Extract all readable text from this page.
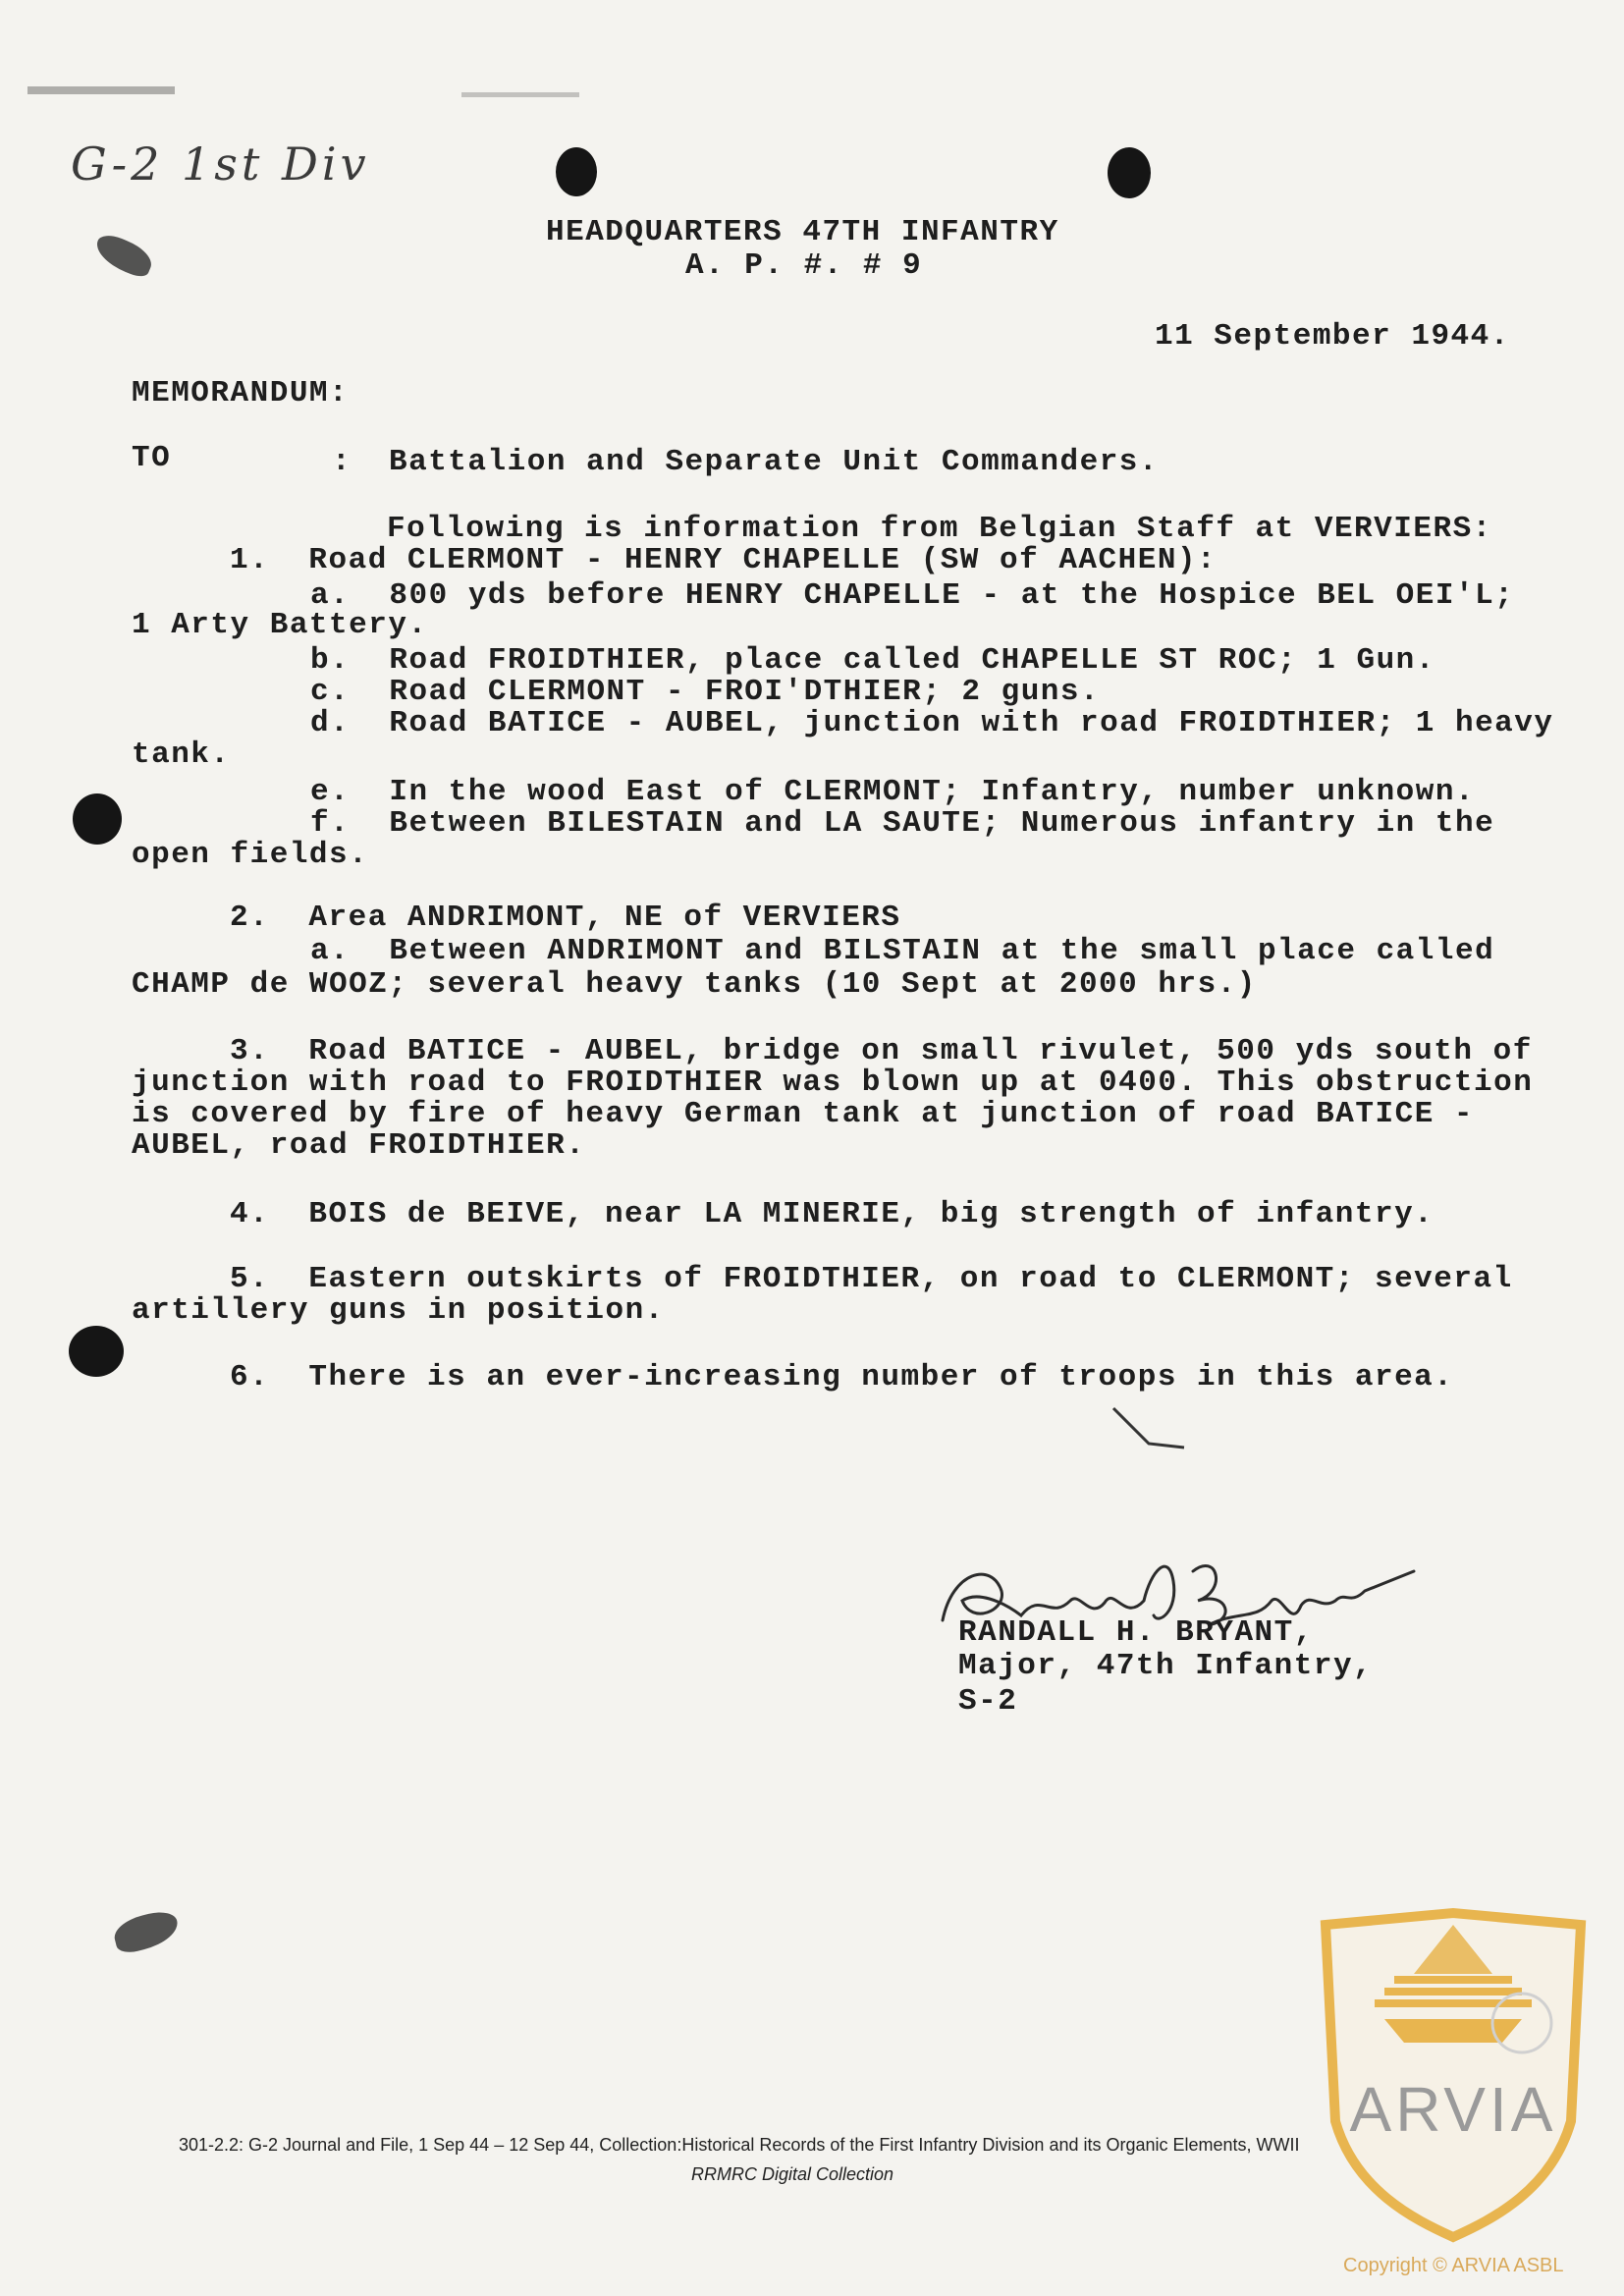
G-2 1st Div
HEADQUARTERS 47TH INFANTRY
A. P. #. # 9
11 September 1944.
MEMORANDUM:
TO	: Battalion and Separate Unit Commanders.
Following is information from Belgian Staff at VERVIERS:
1.  Road CLERMONT - HENRY CHAPELLE (SW of AACHEN):
a.  800 yds before HENRY CHAPELLE - at the Hospice BEL OEI'L;
1 Arty Battery.
b.  Road FROIDTHIER, place called CHAPELLE ST ROC; 1 Gun.
c.  Road CLERMONT - FROI'DTHIER; 2 guns.
d.  Road BATICE - AUBEL, junction with road FROIDTHIER; 1 heavy
tank.
e.  In the wood East of CLERMONT; Infantry, number unknown.
f.  Between BILESTAIN and LA SAUTE; Numerous infantry in the
open fields.
2.  Area ANDRIMONT, NE of VERVIERS
a.  Between ANDRIMONT and BILSTAIN at the small place called
CHAMP de WOOZ; several heavy tanks (10 Sept at 2000 hrs.)
3.  Road BATICE - AUBEL, bridge on small rivulet, 500 yds south of
junction with road to FROIDTHIER was blown up at 0400. This obstruction
is covered by fire of heavy German tank at junction of road BATICE -
AUBEL, road FROIDTHIER.
4.  BOIS de BEIVE, near LA MINERIE, big strength of infantry.
5.  Eastern outskirts of FROIDTHIER, on road to CLERMONT; several
artillery guns in position.
6.  There is an ever-increasing number of troops in this area.
RANDALL H. BRYANT,
Major, 47th Infantry,
S-2
301-2.2: G-2 Journal and File, 1 Sep 44 – 12 Sep 44, Collection:Historical Records of the First Infantry Division and its Organic Elements, WWII
RRMRC Digital Collection
ARVIA
Copyright © ARVIA ASBL
